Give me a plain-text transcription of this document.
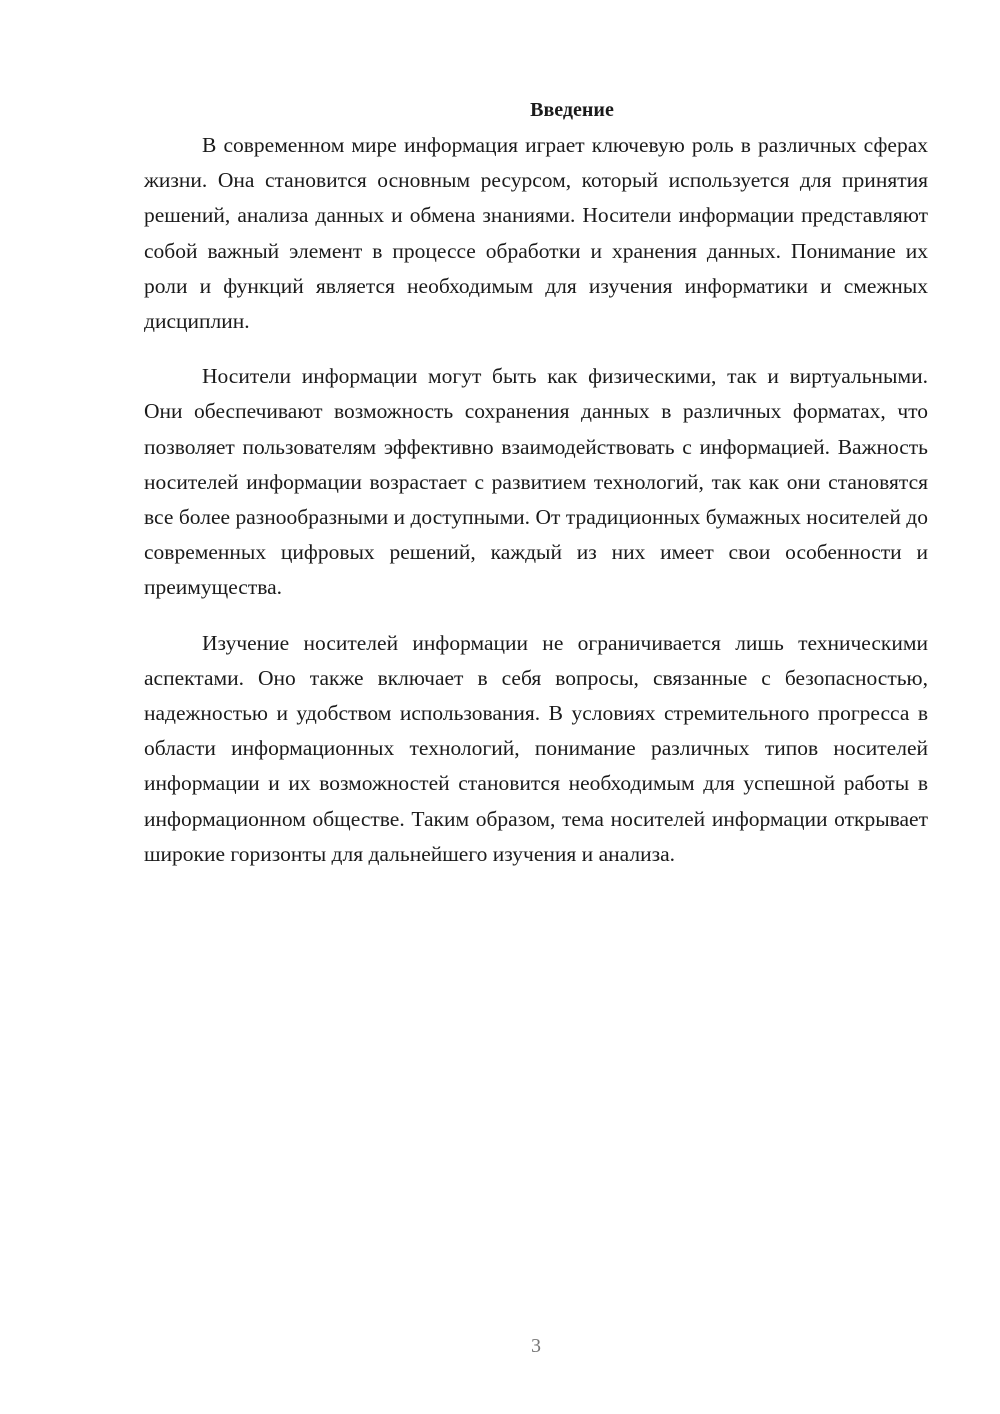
Введение

В современном мире информация играет ключевую роль в различных сферах жизни. Она становится основным ресурсом, который используется для принятия решений, анализа данных и обмена знаниями. Носители информации представляют собой важный элемент в процессе обработки и хранения данных. Понимание их роли и функций является необходимым для изучения информатики и смежных дисциплин.

Носители информации могут быть как физическими, так и виртуальными. Они обеспечивают возможность сохранения данных в различных форматах, что позволяет пользователям эффективно взаимодействовать с информацией. Важность носителей информации возрастает с развитием технологий, так как они становятся все более разнообразными и доступными. От традиционных бумажных носителей до современных цифровых решений, каждый из них имеет свои особенности и преимущества.

Изучение носителей информации не ограничивается лишь техническими аспектами. Оно также включает в себя вопросы, связанные с безопасностью, надежностью и удобством использования. В условиях стремительного прогресса в области информационных технологий, понимание различных типов носителей информации и их возможностей становится необходимым для успешной работы в информационном обществе. Таким образом, тема носителей информации открывает широкие горизонты для дальнейшего изучения и анализа.

3
